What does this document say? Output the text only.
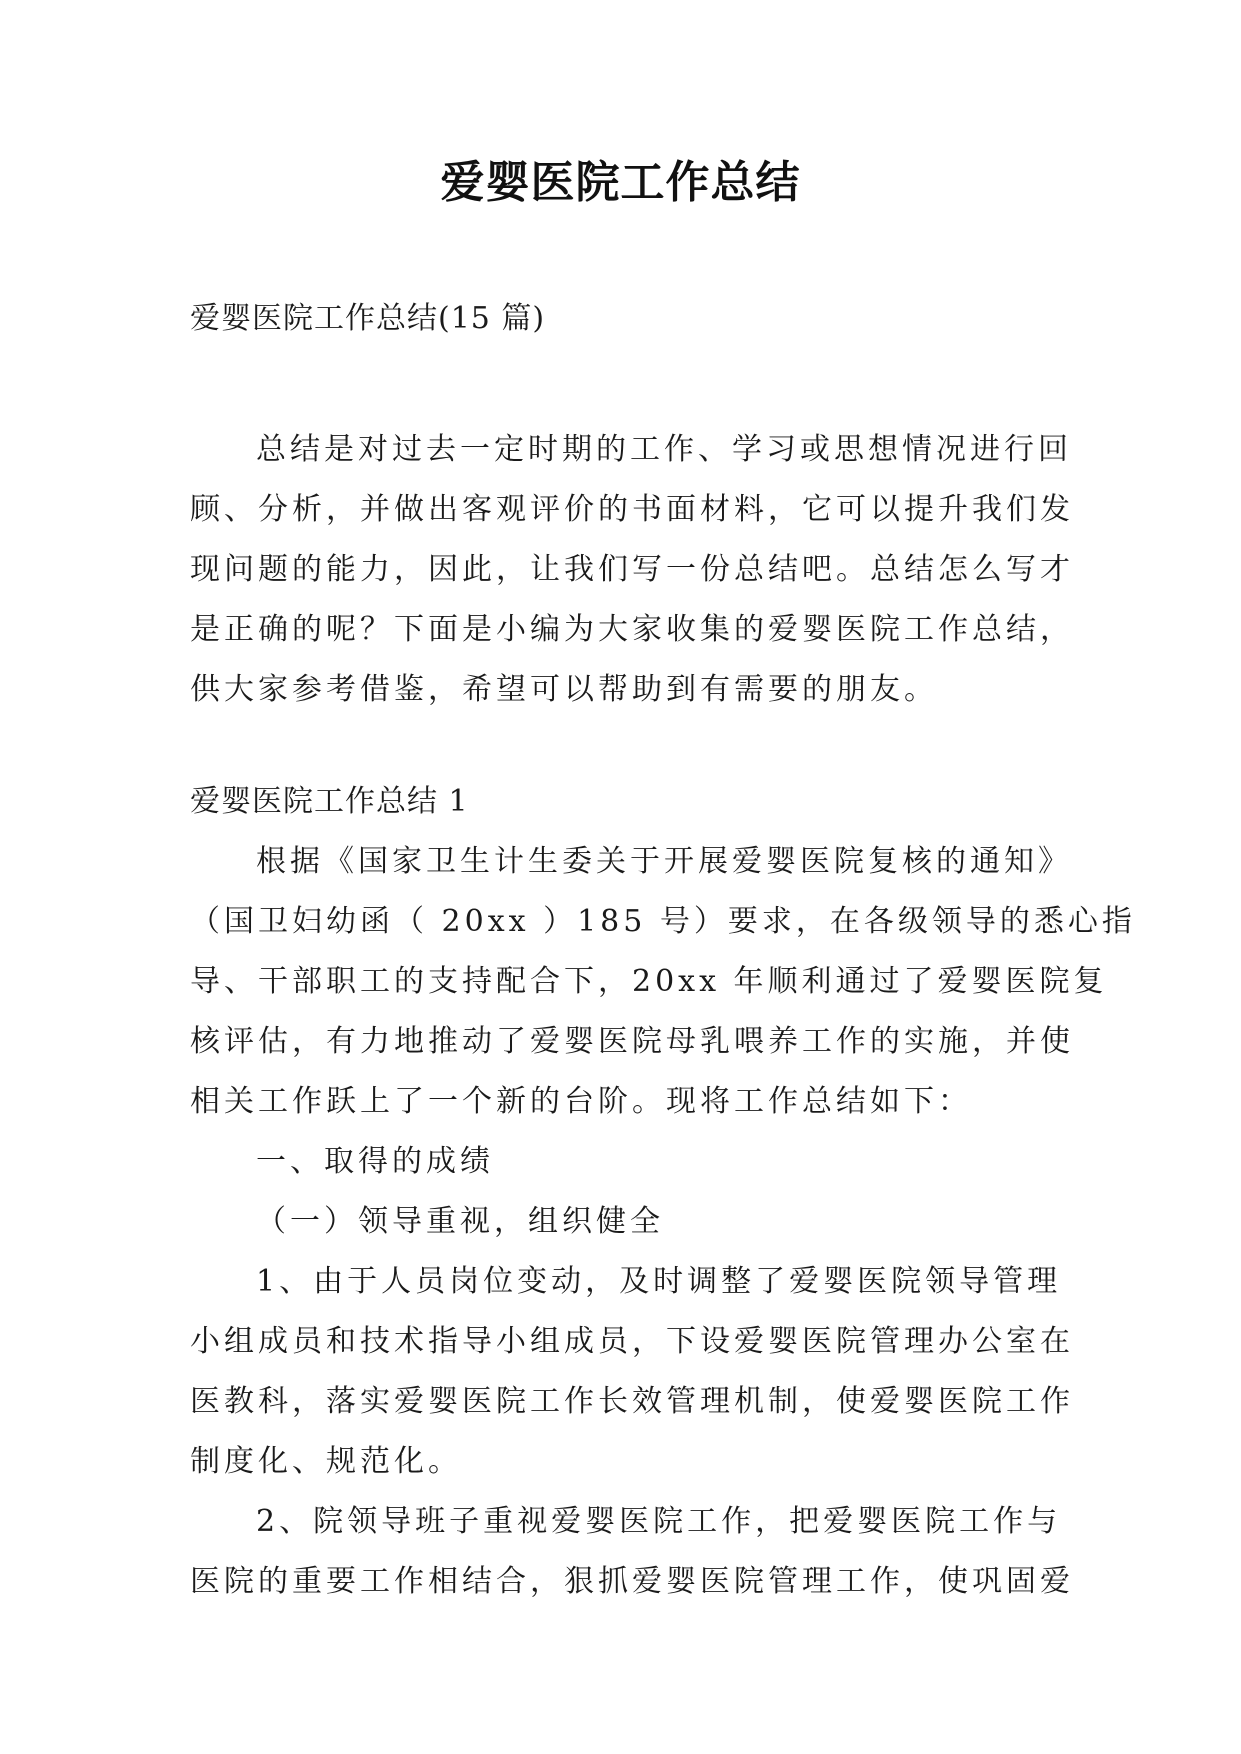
爱婴医院工作总结

爱婴医院工作总结(15 篇)

总结是对过去一定时期的工作、学习或思想情况进行回

顾、分析，并做出客观评价的书面材料，它可以提升我们发

现问题的能力，因此，让我们写一份总结吧。总结怎么写才

是正确的呢？下面是小编为大家收集的爱婴医院工作总结，

供大家参考借鉴，希望可以帮助到有需要的朋友。

爱婴医院工作总结 1

根据《国家卫生计生委关于开展爱婴医院复核的通知》

（国卫妇幼函（ 20xx ）185 号）要求，在各级领导的悉心指

导、干部职工的支持配合下，20xx 年顺利通过了爱婴医院复

核评估，有力地推动了爱婴医院母乳喂养工作的实施，并使

相关工作跃上了一个新的台阶。现将工作总结如下：

一、取得的成绩

（一）领导重视，组织健全

1、由于人员岗位变动，及时调整了爱婴医院领导管理

小组成员和技术指导小组成员，下设爱婴医院管理办公室在

医教科，落实爱婴医院工作长效管理机制，使爱婴医院工作

制度化、规范化。

2、院领导班子重视爱婴医院工作，把爱婴医院工作与

医院的重要工作相结合，狠抓爱婴医院管理工作，使巩固爱
